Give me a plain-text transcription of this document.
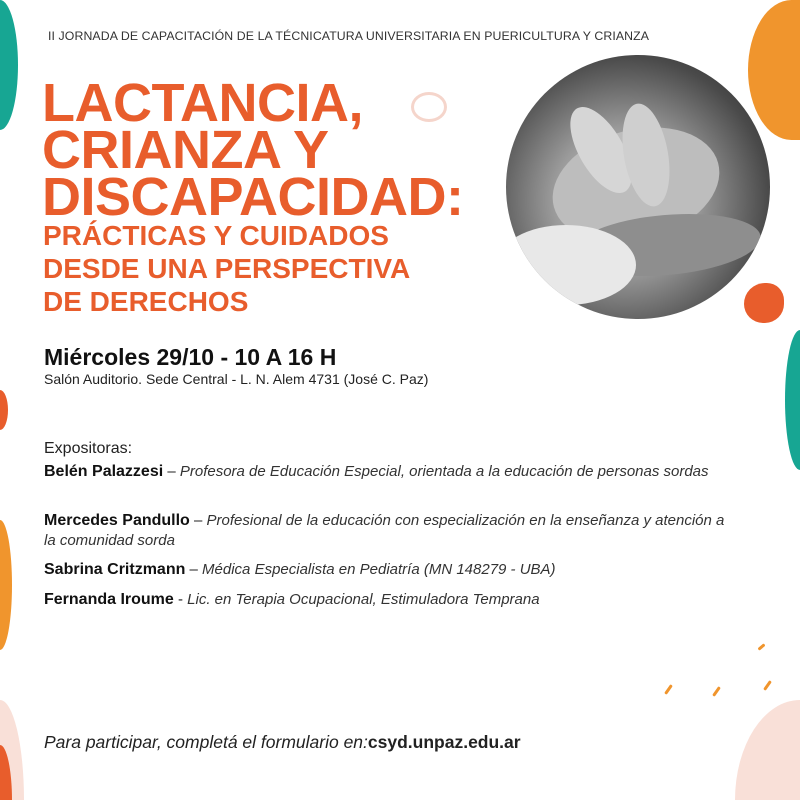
II JORNADA DE CAPACITACIÓN DE LA TÉCNICATURA UNIVERSITARIA EN PUERICULTURA Y CRIANZA
LACTANCIA,
CRIANZA Y
DISCAPACIDAD:
PRÁCTICAS Y CUIDADOS
DESDE UNA PERSPECTIVA
DE DERECHOS
Miércoles 29/10 - 10 A 16 H
Salón Auditorio. Sede Central - L. N. Alem 4731 (José C. Paz)
Expositoras:
Belén Palazzesi – Profesora de Educación Especial, orientada a la educación de personas sordas
Mercedes Pandullo – Profesional de la educación con especialización en la enseñanza y atención a la comunidad sorda
Sabrina Critzmann – Médica Especialista en Pediatría (MN 148279 - UBA)
Fernanda Iroume - Lic. en Terapia Ocupacional, Estimuladora Temprana
Para participar, completá el formulario en:csyd.unpaz.edu.ar
